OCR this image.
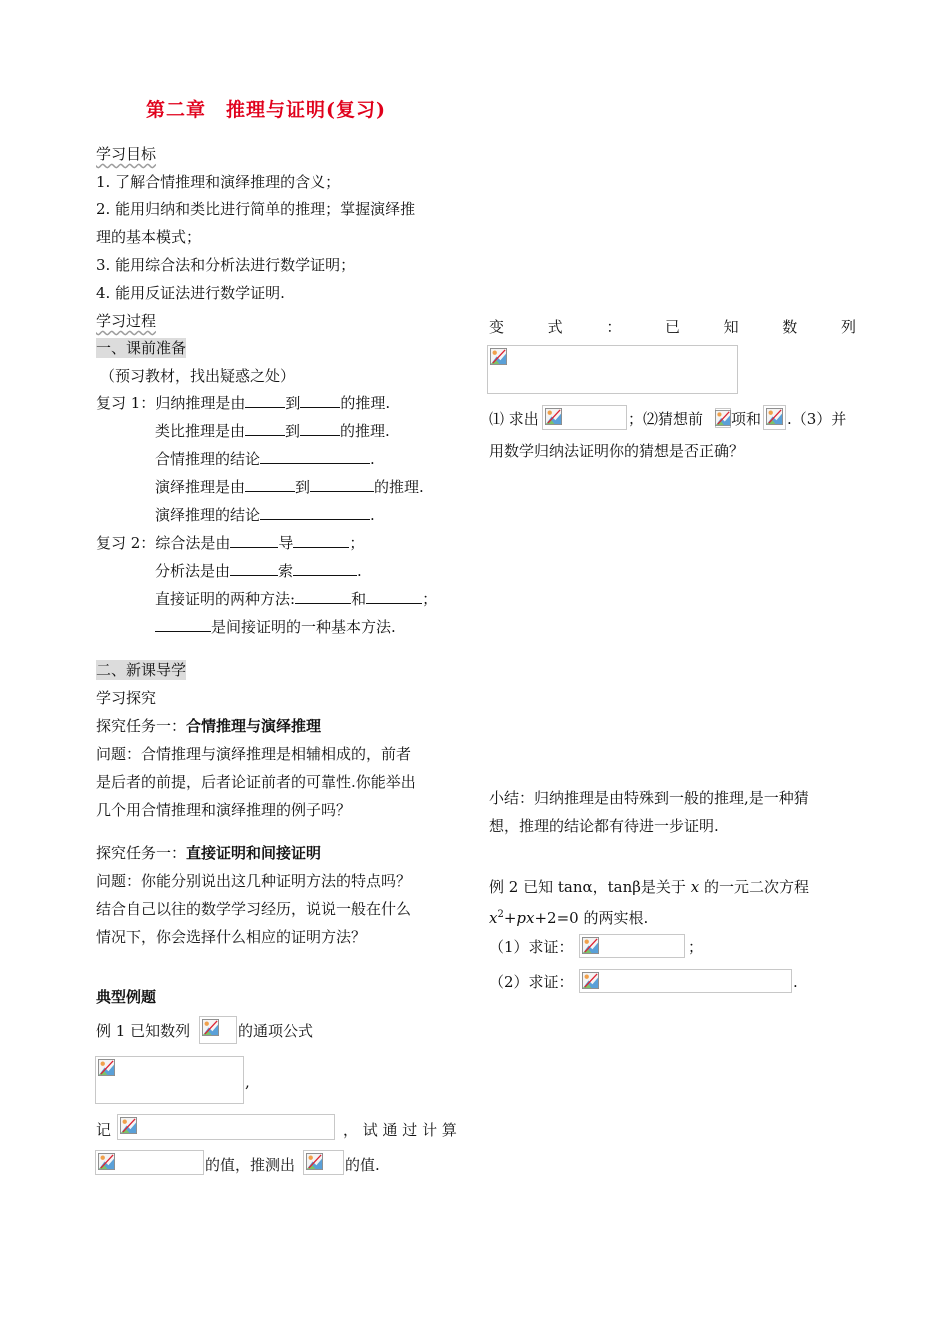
第二章　推理与证明(复习)
学习目标
1. 了解合情推理和演绎推理的含义；
2. 能用归纳和类比进行简单的推理；掌握演绎推
理的基本模式；
3. 能用综合法和分析法进行数学证明；
4. 能用反证法进行数学证明.
学习过程
一、课前准备
（预习教材，找出疑惑之处）
复习 1：归纳推理是由	到	的推理.
类比推理是由	到	的推理.
合情推理的结论	.
演绎推理是由	到	的推理.
演绎推理的结论	.
复习 2：综合法是由	导	；
分析法是由	索	.
直接证明的两种方法:	和	；
是间接证明的一种基本方法.
二、新课导学
学习探究
探究任务一：合情推理与演绎推理
问题：合情推理与演绎推理是相辅相成的，前者
是后者的前提，后者论证前者的可靠性.你能举出
几个用合情推理和演绎推理的例子吗？
探究任务一：直接证明和间接证明
问题：你能分别说出这几种证明方法的特点吗？
结合自己以往的数学学习经历，说说一般在什么
情况下，你会选择什么相应的证明方法？
典型例题
例 1 已知数列	的通项公式
,
记	， 试 通 过 计 算
的值，推测出	的值.
变	式	：	已	知	数	列
⑴ 求出	；⑵猜想前 项和 .（3）并
用数学归纳法证明你的猜想是否正确？
小结：归纳推理是由特殊到一般的推理,是一种猜
想，推理的结论都有待进一步证明.
例 2 已知 tanα，tanβ是关于 x 的一元二次方程
$x^2+px+2=0$ 的两实根.
（1）求证：	；
（2）求证：	.
